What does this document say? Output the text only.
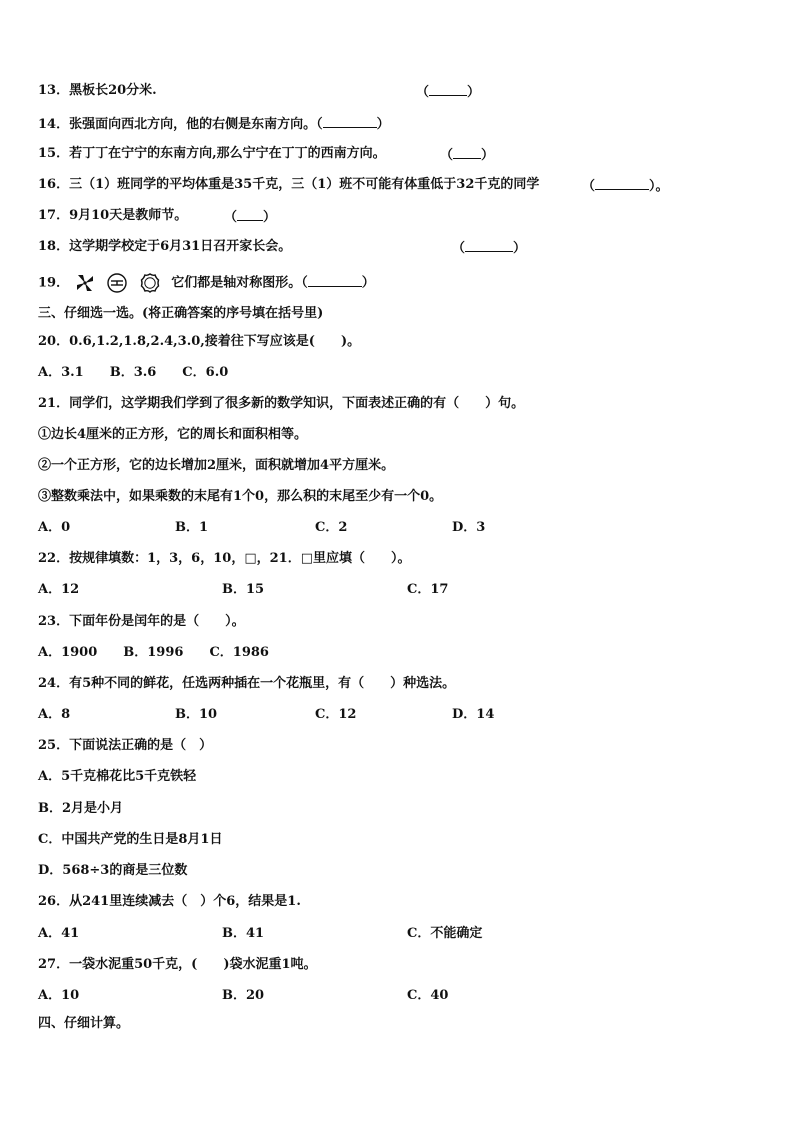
13．黑板长20分米.	（	）
14．张强面向西北方向，他的右侧是东南方向。（	）
15．若丁丁在宁宁的东南方向,那么宁宁在丁丁的西南方向。	（ ）
16．三（1）班同学的平均体重是35千克，三（1）班不可能有体重低于32千克的同学	（	）。
17．9月10天是教师节。	（ ）
18．这学期学校定于6月31日召开家长会。	（	）
19．	它们都是轴对称图形。（	）
三、仔细选一选。(将正确答案的序号填在括号里)
20．0.6,1.2,1.8,2.4,3.0,接着往下写应该是(　　)。
A．3.1　　B．3.6　　C．6.0
21．同学们，这学期我们学到了很多新的数学知识，下面表述正确的有（　　）句。
①边长4厘米的正方形，它的周长和面积相等。
②一个正方形，它的边长增加2厘米，面积就增加4平方厘米。
③整数乘法中，如果乘数的末尾有1个0，那么积的末尾至少有一个0。
A．0	B．1	C．2	D．3
22．按规律填数：1，3，6，10，□，21．□里应填（　　）。
A．12	B．15	C．17
23．下面年份是闰年的是（　　）。
A．1900　　B．1996　　C．1986
24．有5种不同的鲜花，任选两种插在一个花瓶里，有（　　）种选法。
A．8	B．10	C．12	D．14
25．下面说法正确的是（　）
A．5千克棉花比5千克铁轻
B．2月是小月
C．中国共产党的生日是8月1日
D．568÷3的商是三位数
26．从241里连续减去（　）个6，结果是1.
A．41	B．41	C．不能确定
27．一袋水泥重50千克，(　　)袋水泥重1吨。
A．10	B．20	C．40
四、仔细计算。
